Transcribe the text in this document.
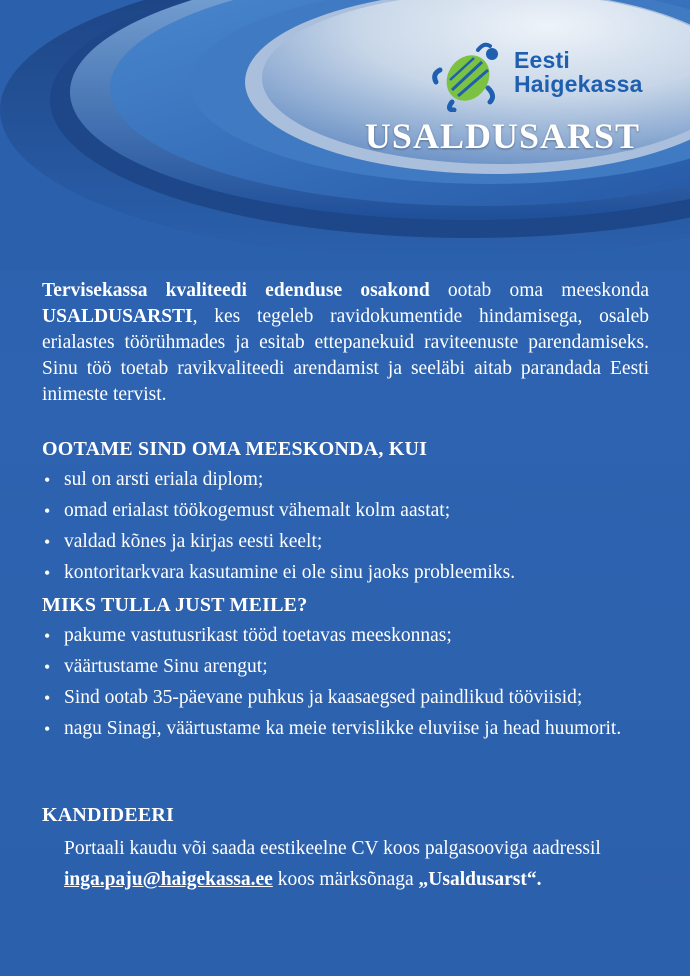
Eesti
Haigekassa
USALDUSARST
Tervisekassa kvaliteedi edenduse osakond ootab oma meeskonda USALDUSARSTI, kes tegeleb ravidokumentide hindamisega, osaleb erialastes töörühmades ja esitab ettepanekuid raviteenuste parendamiseks. Sinu töö toetab ravikvaliteedi arendamist ja seeläbi aitab parandada Eesti inimeste tervist.
OOTAME SIND OMA MEESKONDA, KUI
• sul on arsti eriala diplom;
• omad erialast töökogemust vähemalt kolm aastat;
• valdad kõnes ja kirjas eesti keelt;
• kontoritarkvara kasutamine ei ole sinu jaoks probleemiks.
MIKS TULLA JUST MEILE?
• pakume vastutusrikast tööd toetavas meeskonnas;
• väärtustame Sinu arengut;
• Sind ootab 35-päevane puhkus ja kaasaegsed paindlikud tööviisid;
• nagu Sinagi, väärtustame ka meie tervislikke eluviise ja head huumorit.
KANDIDEERI
Portaali kaudu või saada eestikeelne CV koos palgasooviga aadressil inga.paju@haigekassa.ee koos märksõnaga „Usaldusarst“.
